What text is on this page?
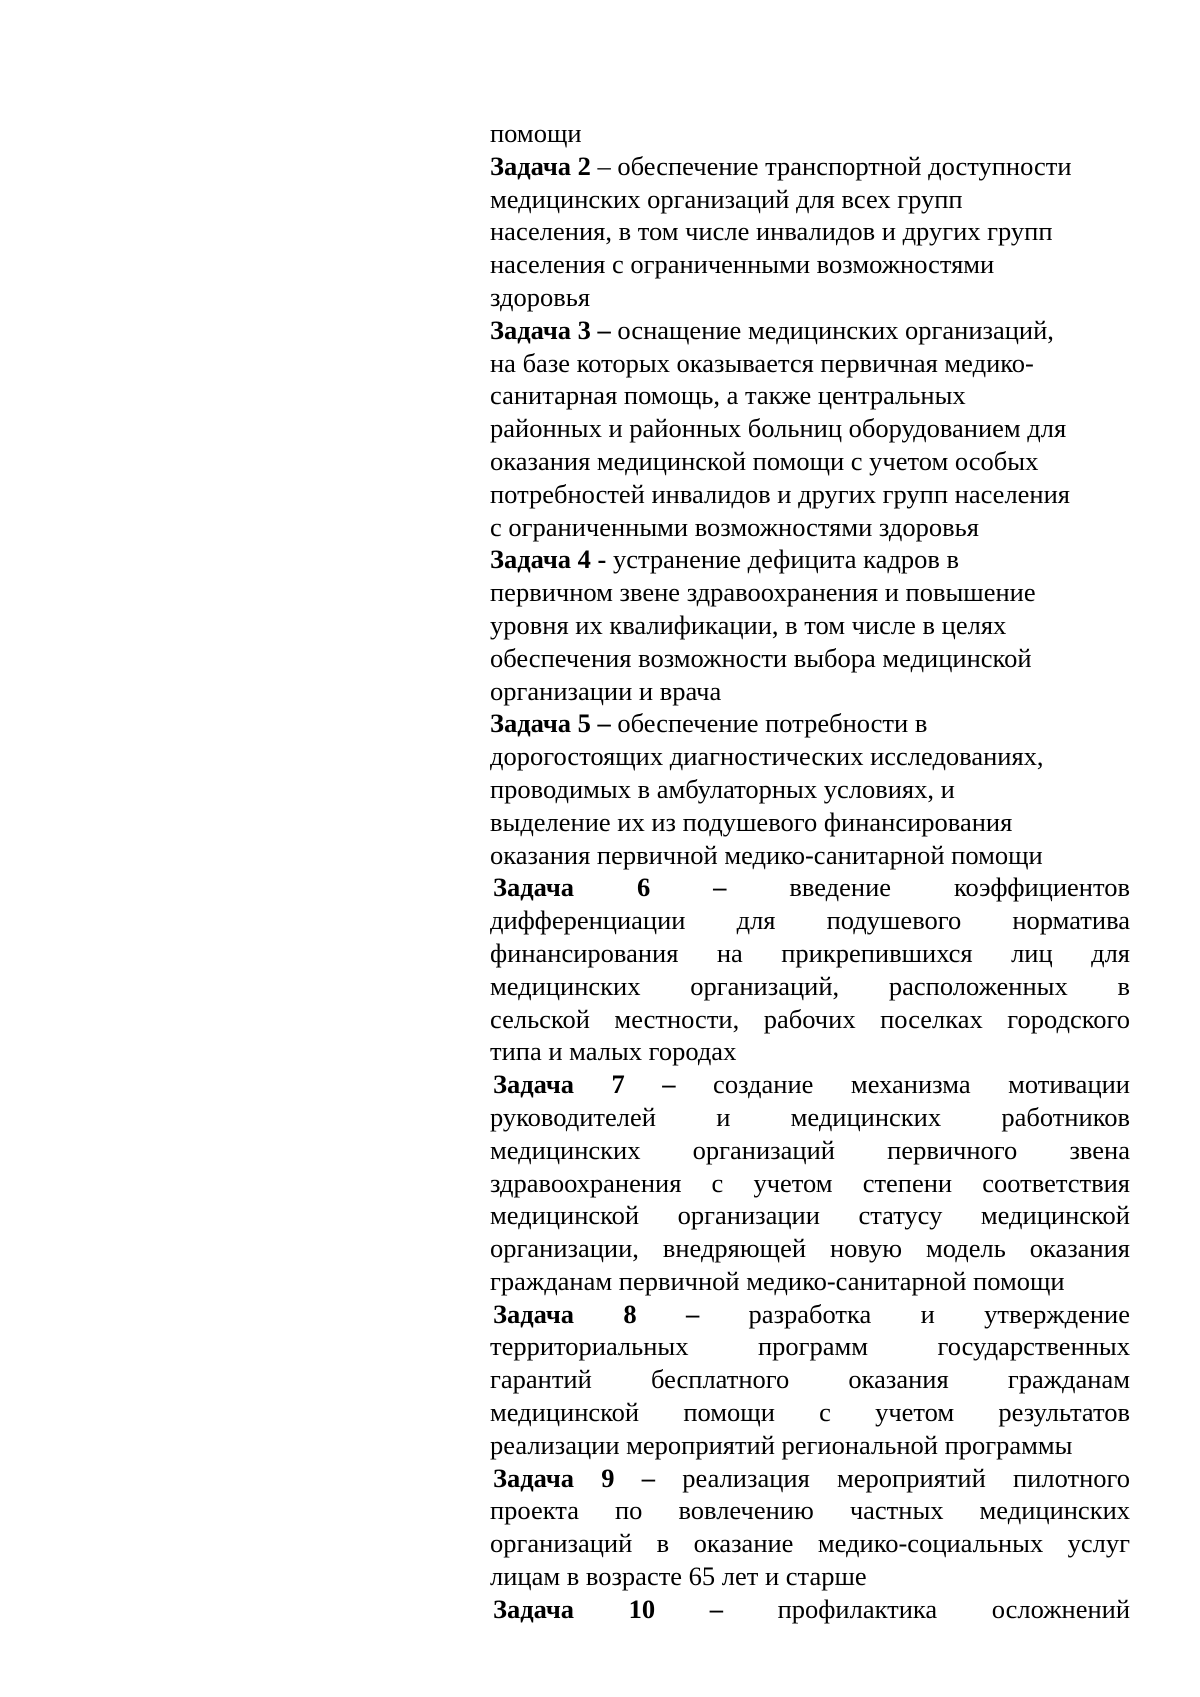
помощи
Задача 2 – обеспечение транспортной доступности
медицинских организаций для всех групп
населения, в том числе инвалидов и других групп
населения с ограниченными возможностями
здоровья
Задача 3 – оснащение медицинских организаций,
на базе которых оказывается первичная медико-
санитарная помощь, а также центральных
районных и районных больниц оборудованием для
оказания медицинской помощи с учетом особых
потребностей инвалидов и других групп населения
с ограниченными возможностями здоровья
Задача 4 - устранение дефицита кадров в
первичном звене здравоохранения и повышение
уровня их квалификации, в том числе в целях
обеспечения возможности выбора медицинской
организации и врача
Задача 5 – обеспечение потребности в
дорогостоящих диагностических исследованиях,
проводимых в амбулаторных условиях, и
выделение их из подушевого финансирования
оказания первичной медико-санитарной помощи
Задача 6 – введение коэффициентов
дифференциации для подушевого норматива
финансирования на прикрепившихся лиц для
медицинских организаций, расположенных в
сельской местности, рабочих поселках городского
типа и малых городах
Задача 7 – создание механизма мотивации
руководителей и медицинских работников
медицинских организаций первичного звена
здравоохранения с учетом степени соответствия
медицинской организации статусу медицинской
организации, внедряющей новую модель оказания
гражданам первичной медико-санитарной помощи
Задача 8 – разработка и утверждение
территориальных программ государственных
гарантий бесплатного оказания гражданам
медицинской помощи с учетом результатов
реализации мероприятий региональной программы
Задача 9 – реализация мероприятий пилотного
проекта по вовлечению частных медицинских
организаций в оказание медико-социальных услуг
лицам в возрасте 65 лет и старше
Задача 10 – профилактика осложнений
